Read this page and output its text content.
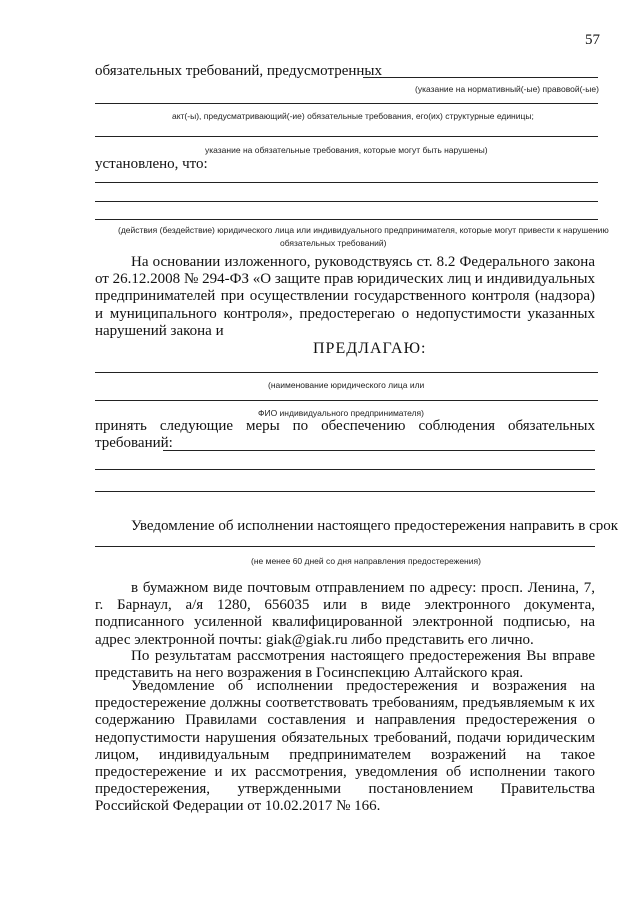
57
обязательных требований, предусмотренных
(указание на нормативный(-ые) правовой(-ые)
акт(-ы), предусматривающий(-ие) обязательные требования, его(их) структурные единицы;
указание на обязательные требования, которые могут быть нарушены)
установлено, что:
(действия (бездействие) юридического лица или индивидуального предпринимателя, которые могут привести к нарушению
обязательных требований)
На основании изложенного, руководствуясь ст. 8.2 Федерального закона от 26.12.2008 № 294-ФЗ «О защите прав юридических лиц и индивидуальных предпринимателей при осуществлении государственного контроля (надзора) и муниципального контроля», предостерегаю о недопустимости указанных нарушений закона и
ПРЕДЛАГАЮ:
(наименование юридического лица или
ФИО индивидуального предпринимателя)
принять следующие меры по обеспечению соблюдения обязательных
требований:
Уведомление об исполнении настоящего предостережения направить в срок
(не менее 60 дней со дня направления предостережения)
в бумажном виде почтовым отправлением по адресу: просп. Ленина, 7, г. Барнаул, а/я 1280, 656035 или в виде электронного документа, подписанного усиленной квалифицированной электронной подписью, на адрес электронной почты: giak@giak.ru либо представить его лично.
По результатам рассмотрения настоящего предостережения Вы вправе представить на него возражения в Госинспекцию Алтайского края.
Уведомление об исполнении предостережения и возражения на предостережение должны соответствовать требованиям, предъявляемым к их содержанию Правилами составления и направления предостережения о недопустимости нарушения обязательных требований, подачи юридическим лицом, индивидуальным предпринимателем возражений на такое предостережение и их рассмотрения, уведомления об исполнении такого предостережения, утвержденными постановлением Правительства Российской Федерации от 10.02.2017 № 166.
